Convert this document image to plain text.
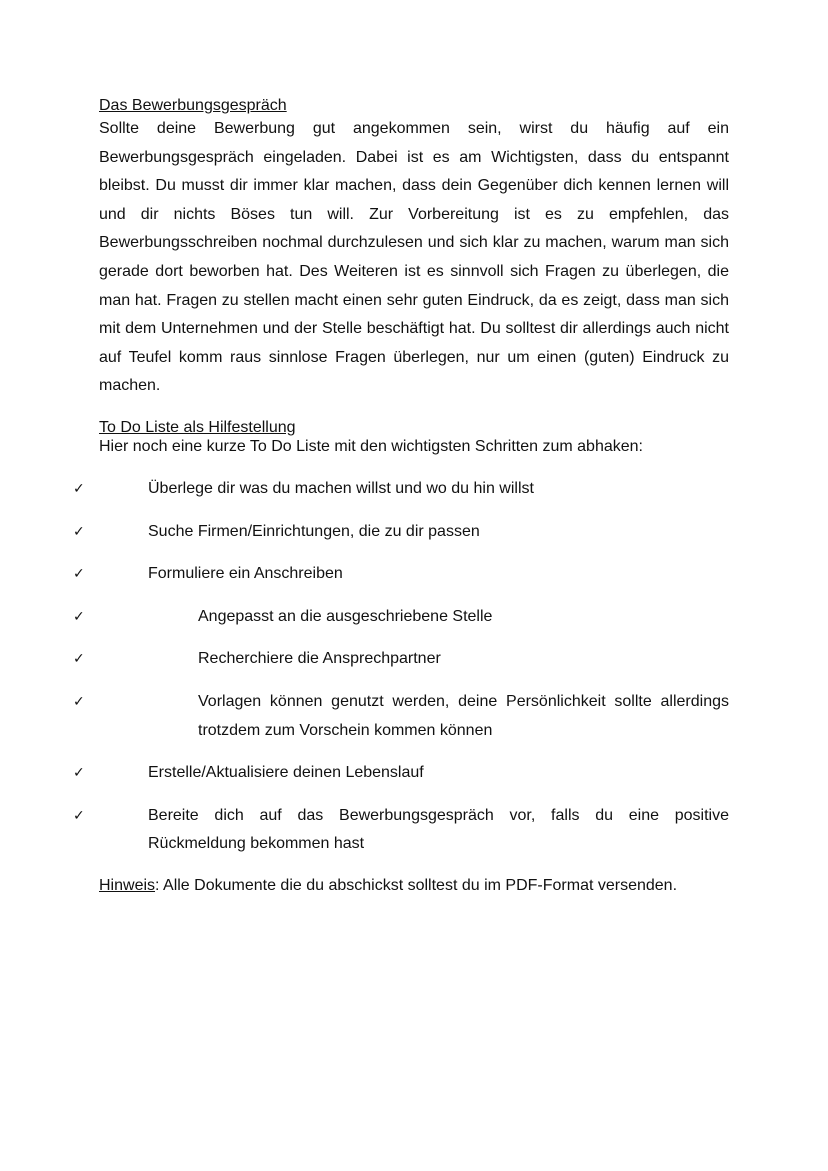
Das Bewerbungsgespräch

Sollte deine Bewerbung gut angekommen sein, wirst du häufig auf ein Bewerbungsgespräch eingeladen. Dabei ist es am Wichtigsten, dass du entspannt bleibst. Du musst dir immer klar machen, dass dein Gegenüber dich kennen lernen will und dir nichts Böses tun will. Zur Vorbereitung ist es zu empfehlen, das Bewerbungsschreiben nochmal durchzulesen und sich klar zu machen, warum man sich gerade dort beworben hat. Des Weiteren ist es sinnvoll sich Fragen zu überlegen, die man hat. Fragen zu stellen macht einen sehr guten Eindruck, da es zeigt, dass man sich mit dem Unternehmen und der Stelle beschäftigt hat. Du solltest dir allerdings auch nicht auf Teufel komm raus sinnlose Fragen überlegen, nur um einen (guten) Eindruck zu machen.

To Do Liste als Hilfestellung

Hier noch eine kurze To Do Liste mit den wichtigsten Schritten zum abhaken:

✓	Überlege dir was du machen willst und wo du hin willst
✓	Suche Firmen/Einrichtungen, die zu dir passen
✓	Formuliere ein Anschreiben
✓	Angepasst an die ausgeschriebene Stelle
✓	Recherchiere die Ansprechpartner
✓	Vorlagen können genutzt werden, deine Persönlichkeit sollte allerdings trotzdem zum Vorschein kommen können
✓	Erstelle/Aktualisiere deinen Lebenslauf
✓	Bereite dich auf das Bewerbungsgespräch vor, falls du eine positive Rückmeldung bekommen hast

Hinweis: Alle Dokumente die du abschickst solltest du im PDF-Format versenden.
